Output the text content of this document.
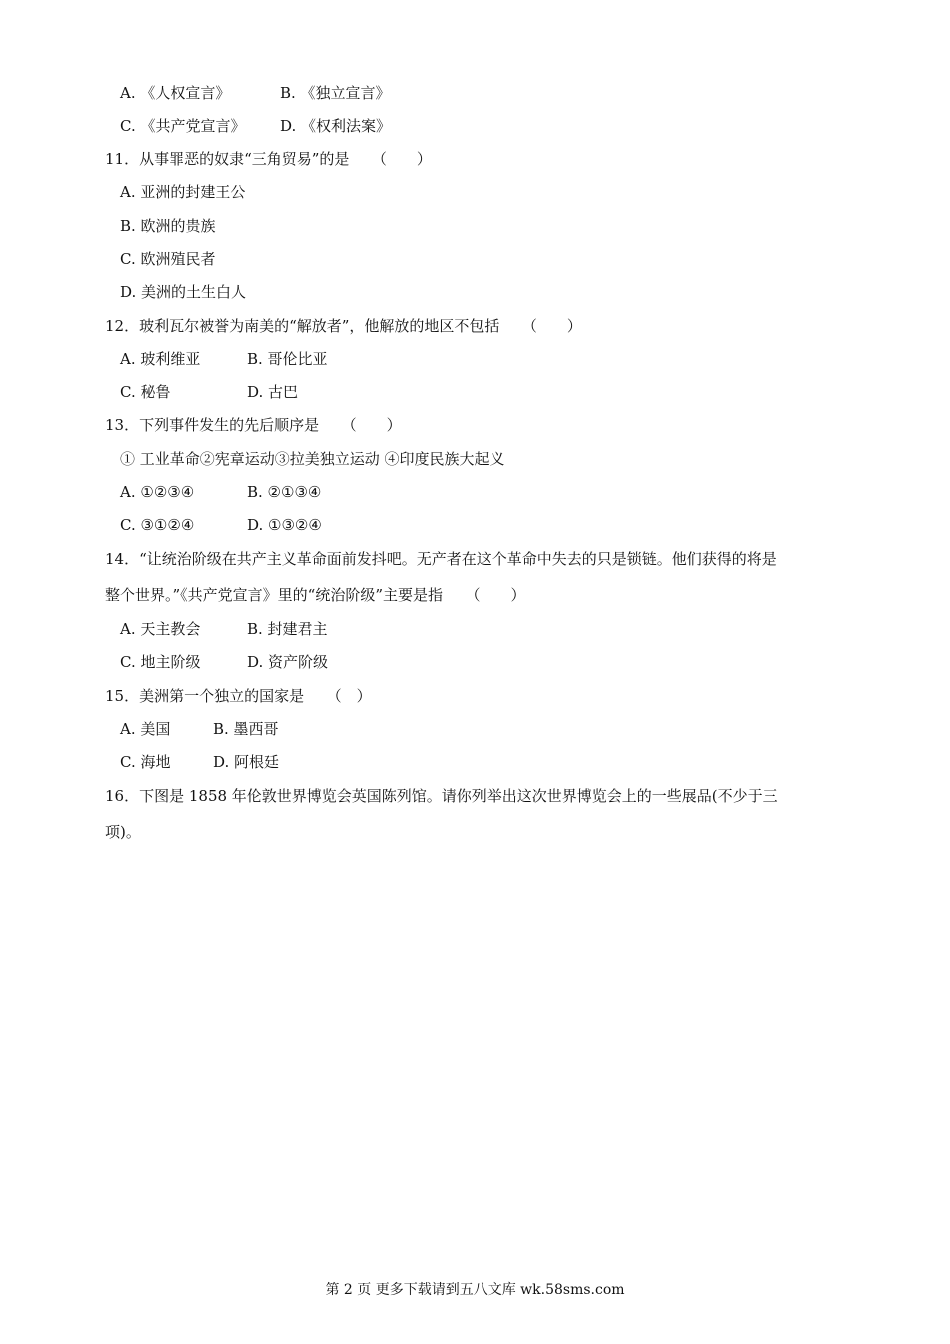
A. 《人权宣言》	B. 《独立宣言》
C. 《共产党宣言》 D. 《权利法案》
11．从事罪恶的奴隶“三角贸易”的是　　（　　）
A. 亚洲的封建王公
B. 欧洲的贵族
C. 欧洲殖民者
D. 美洲的土生白人
12．玻利瓦尔被誉为南美的“解放者”，他解放的地区不包括　　（　　）
A. 玻利维亚	B. 哥伦比亚
C. 秘鲁	D. 古巴
13．下列事件发生的先后顺序是　　（　　）
① 工业革命②宪章运动③拉美独立运动 ④印度民族大起义
A. ①②③④	B. ②①③④
C. ③①②④	D. ①③②④
14．“让统治阶级在共产主义革命面前发抖吧。无产者在这个革命中失去的只是锁链。他们获得的将是
整个世界。”《共产党宣言》里的“统治阶级”主要是指　　（　　）
A. 天主教会	B. 封建君主
C. 地主阶级	D. 资产阶级
15．美洲第一个独立的国家是　　（　）
A. 美国	B. 墨西哥
C. 海地	D. 阿根廷
16．下图是 1858 年伦敦世界博览会英国陈列馆。请你列举出这次世界博览会上的一些展品(不少于三
项)。
第 2 页 更多下载请到五八文库 wk.58sms.com
